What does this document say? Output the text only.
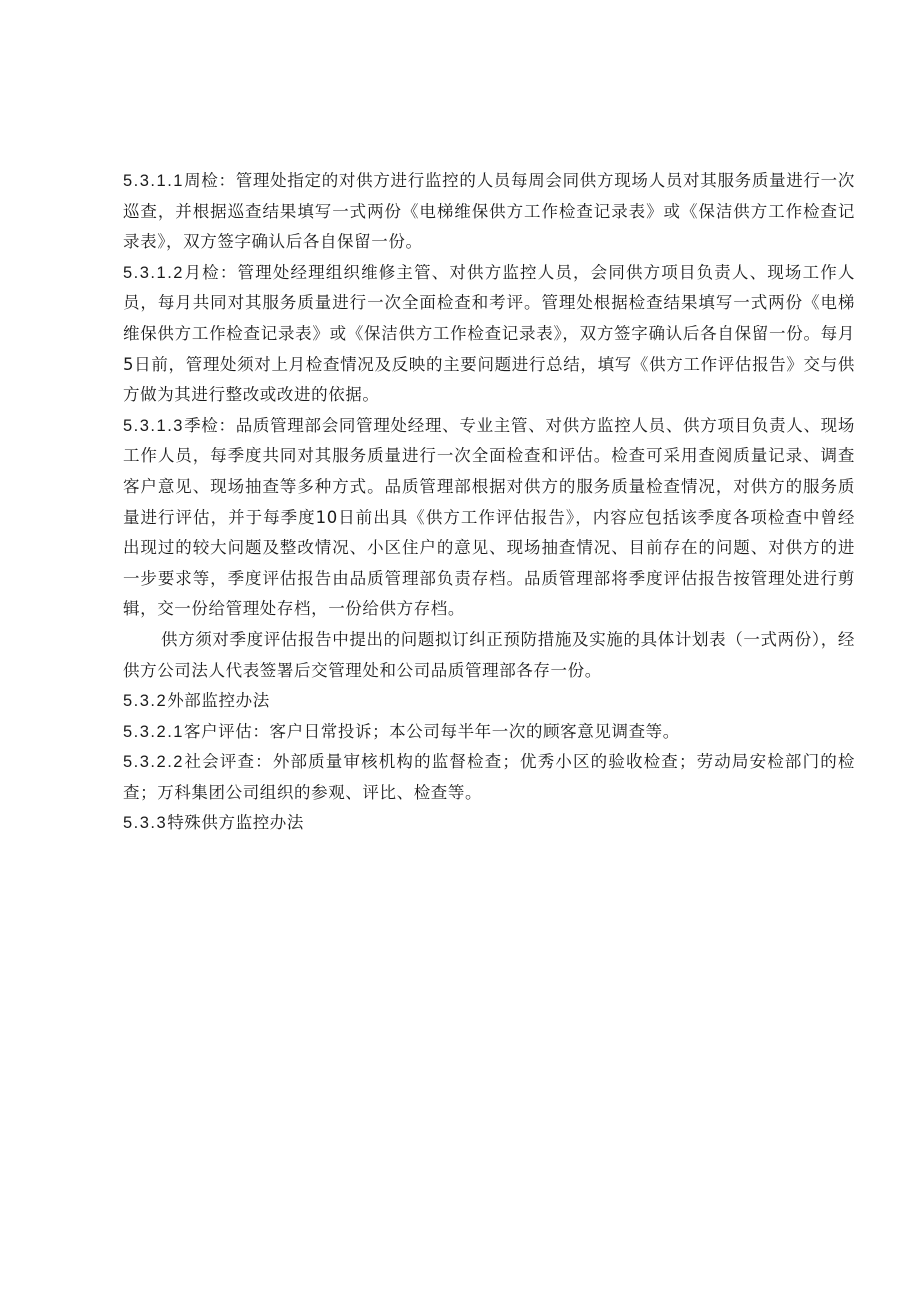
5.3.1.1周检：管理处指定的对供方进行监控的人员每周会同供方现场人员对其服务质量进行一次巡查，并根据巡查结果填写一式两份《电梯维保供方工作检查记录表》或《保洁供方工作检查记录表》，双方签字确认后各自保留一份。

5.3.1.2月检：管理处经理组织维修主管、对供方监控人员，会同供方项目负责人、现场工作人员，每月共同对其服务质量进行一次全面检查和考评。管理处根据检查结果填写一式两份《电梯维保供方工作检查记录表》或《保洁供方工作检查记录表》，双方签字确认后各自保留一份。每月5日前，管理处须对上月检查情况及反映的主要问题进行总结，填写《供方工作评估报告》交与供方做为其进行整改或改进的依据。

5.3.1.3季检：品质管理部会同管理处经理、专业主管、对供方监控人员、供方项目负责人、现场工作人员，每季度共同对其服务质量进行一次全面检查和评估。检查可采用查阅质量记录、调查客户意见、现场抽查等多种方式。品质管理部根据对供方的服务质量检查情况，对供方的服务质量进行评估，并于每季度10日前出具《供方工作评估报告》，内容应包括该季度各项检查中曾经出现过的较大问题及整改情况、小区住户的意见、现场抽查情况、目前存在的问题、对供方的进一步要求等，季度评估报告由品质管理部负责存档。品质管理部将季度评估报告按管理处进行剪辑，交一份给管理处存档，一份给供方存档。

供方须对季度评估报告中提出的问题拟订纠正预防措施及实施的具体计划表（一式两份），经供方公司法人代表签署后交管理处和公司品质管理部各存一份。

5.3.2外部监控办法

5.3.2.1客户评估：客户日常投诉；本公司每半年一次的顾客意见调查等。

5.3.2.2社会评查：外部质量审核机构的监督检查；优秀小区的验收检查；劳动局安检部门的检查；万科集团公司组织的参观、评比、检查等。

5.3.3特殊供方监控办法
